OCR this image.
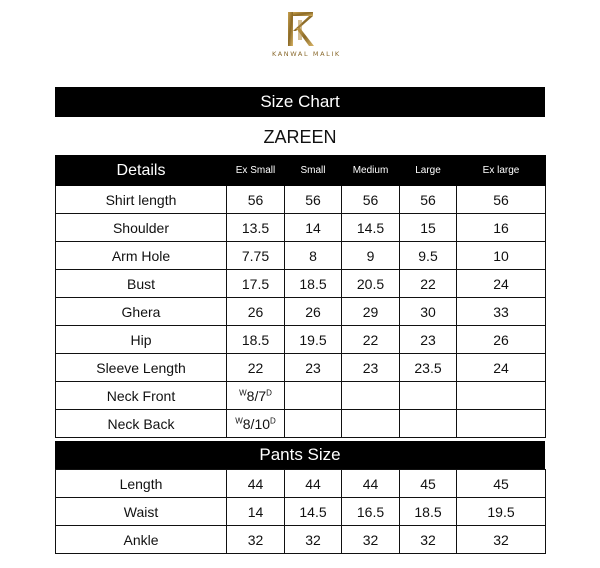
KANWAL MALIK
Size Chart
ZAREEN
Details	Ex Small	Small	Medium	Large	Ex large
Shirt length	56	56	56	56	56
Shoulder	13.5	14	14.5	15	16
Arm Hole	7.75	8	9	9.5	10
Bust	17.5	18.5	20.5	22	24
Ghera	26	26	29	30	33
Hip	18.5	19.5	22	23	26
Sleeve Length	22	23	23	23.5	24
Neck Front	$^W8/7^D$				
Neck Back	$^W8/10^D$				
Pants Size
Length	44	44	44	45	45
Waist	14	14.5	16.5	18.5	19.5
Ankle	32	32	32	32	32
